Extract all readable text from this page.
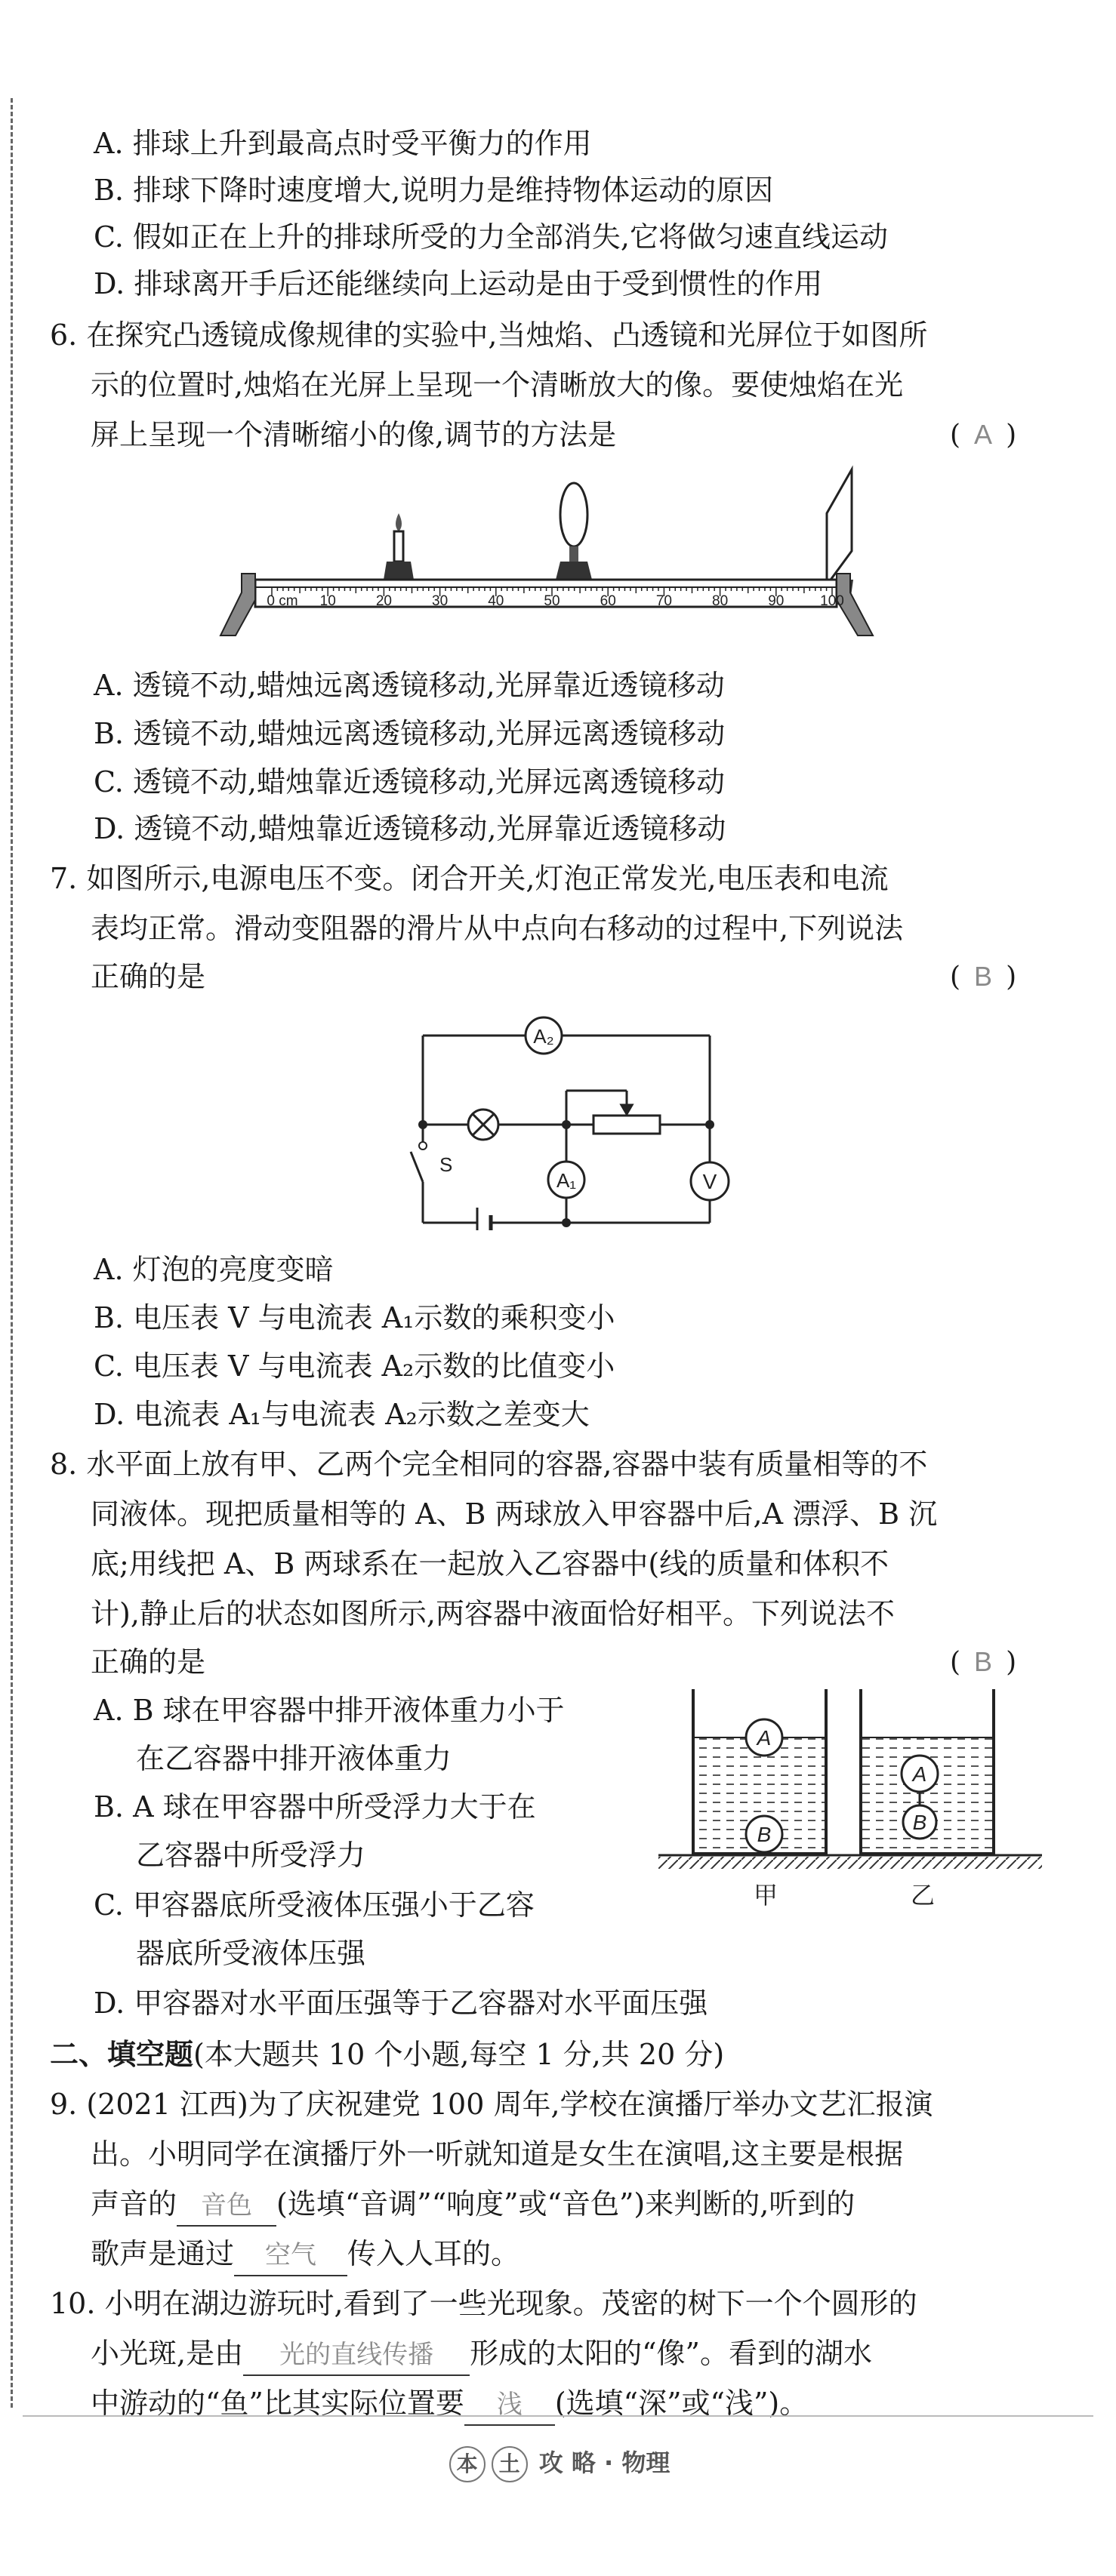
A. 排球上升到最高点时受平衡力的作用
B. 排球下降时速度增大,说明力是维持物体运动的原因
C. 假如正在上升的排球所受的力全部消失,它将做匀速直线运动
D. 排球离开手后还能继续向上运动是由于受到惯性的作用
6. 在探究凸透镜成像规律的实验中,当烛焰、凸透镜和光屏位于如图所
示的位置时,烛焰在光屏上呈现一个清晰放大的像。要使烛焰在光
屏上呈现一个清晰缩小的像,调节的方法是	( A )
0 cm 10	20	30	40	50	60	70	80	90	100
A. 透镜不动,蜡烛远离透镜移动,光屏靠近透镜移动
B. 透镜不动,蜡烛远离透镜移动,光屏远离透镜移动
C. 透镜不动,蜡烛靠近透镜移动,光屏远离透镜移动
D. 透镜不动,蜡烛靠近透镜移动,光屏靠近透镜移动
7. 如图所示,电源电压不变。闭合开关,灯泡正常发光,电压表和电流
表均正常。滑动变阻器的滑片从中点向右移动的过程中,下列说法
正确的是	( B )
A₂
A₁	V
S
A. 灯泡的亮度变暗
B. 电压表 V 与电流表 A₁示数的乘积变小
C. 电压表 V 与电流表 A₂示数的比值变小
D. 电流表 A₁与电流表 A₂示数之差变大
8. 水平面上放有甲、乙两个完全相同的容器,容器中装有质量相等的不
同液体。现把质量相等的 A、B 两球放入甲容器中后,A 漂浮、B 沉
底;用线把 A、B 两球系在一起放入乙容器中(线的质量和体积不
计),静止后的状态如图所示,两容器中液面恰好相平。下列说法不
正确的是	( B )
A. B 球在甲容器中排开液体重力小于
在乙容器中排开液体重力
B. A 球在甲容器中所受浮力大于在
乙容器中所受浮力
C. 甲容器底所受液体压强小于乙容
器底所受液体压强
D. 甲容器对水平面压强等于乙容器对水平面压强
A
B
A
B
甲	乙
二、填空题(本大题共 10 个小题,每空 1 分,共 20 分)
9. (2021 江西)为了庆祝建党 100 周年,学校在演播厅举办文艺汇报演
出。小明同学在演播厅外一听就知道是女生在演唱,这主要是根据
声音的 音色 (选填“音调”“响度”或“音色”)来判断的,听到的
歌声是通过 空气 传入人耳的。
10. 小明在湖边游玩时,看到了一些光现象。茂密的树下一个个圆形的
小光斑,是由 光的直线传播 形成的太阳的“像”。看到的湖水
中游动的“鱼”比其实际位置要 浅 (选填“深”或“浅”)。
本 土 攻 略 · 物理
